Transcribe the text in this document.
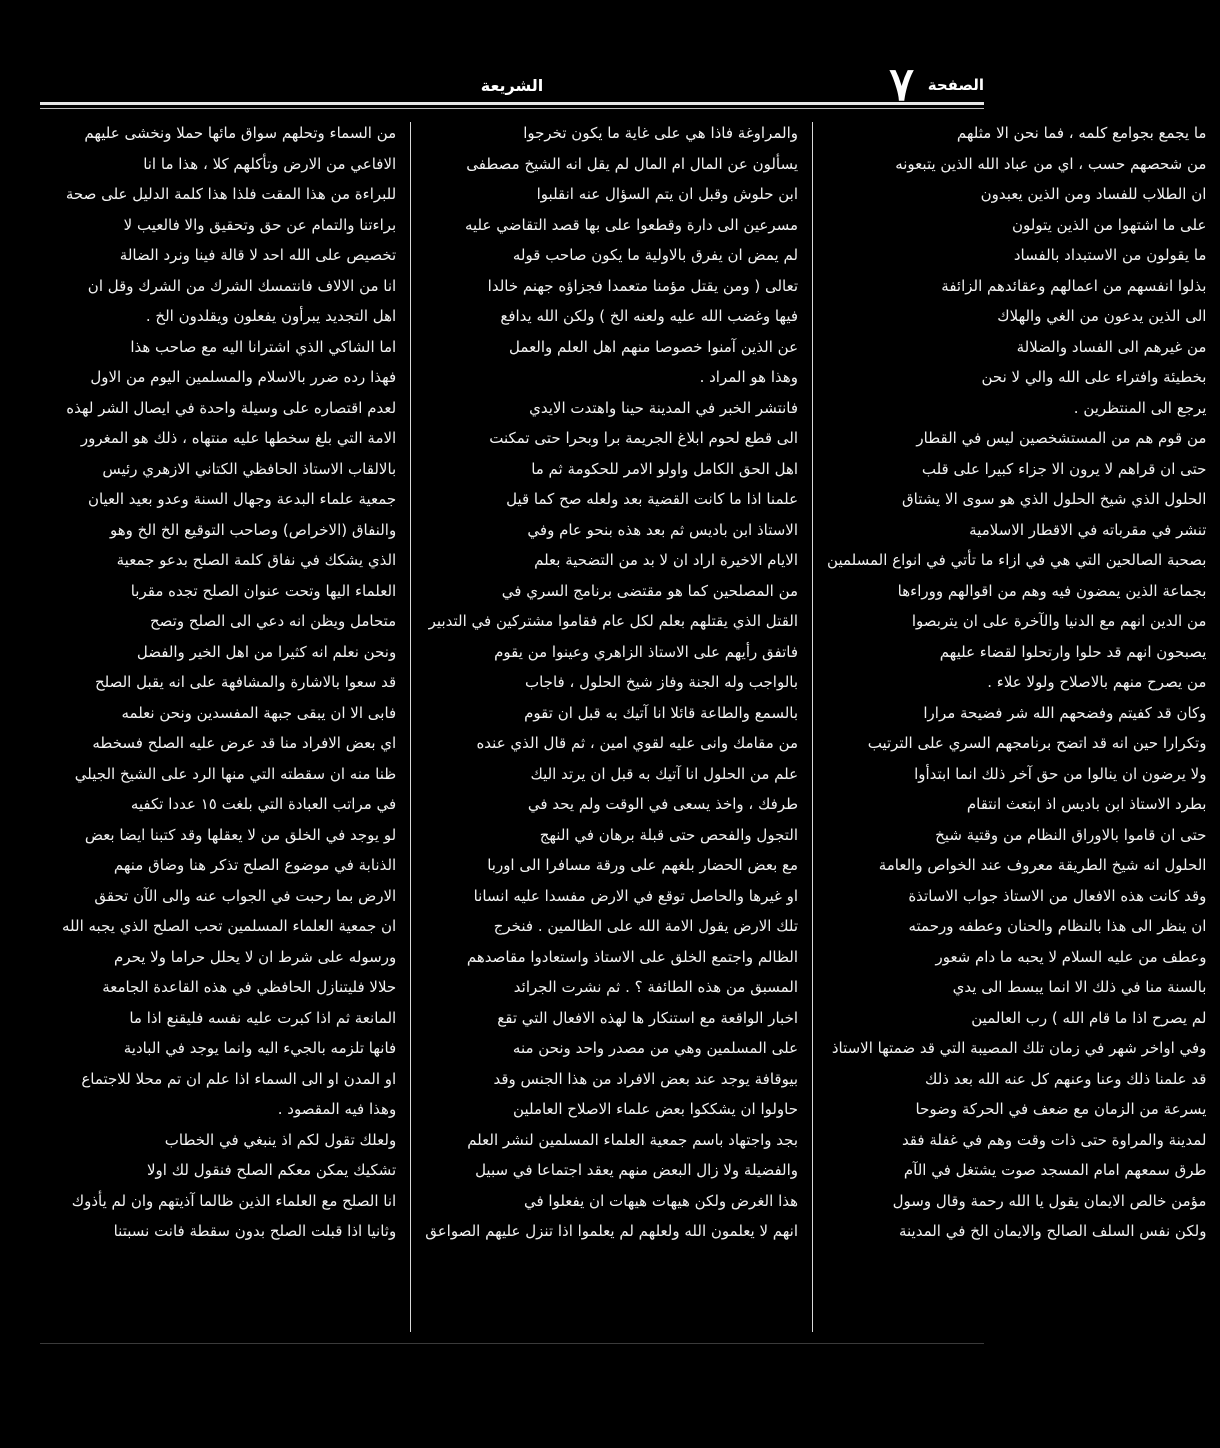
٧ الصفحة
الشريعة
من السماء وتحلهم سواق مائها حملا ونخشى عليهم
الافاعي من الارض وتأكلهم كلا ، هذا ما انا
للبراءة من هذا المقت فلذا هذا كلمة الدليل على صحة
براءتنا والتمام عن حق وتحقيق والا فالعيب لا
تخصيص على الله احد لا قالة فينا ونرد الضالة
انا من الالاف فانتمسك الشرك من الشرك وقل ان
اهل التجديد يبرأون يفعلون ويقلدون الخ .
اما الشاكي الذي اشترانا اليه مع صاحب هذا
فهذا رده ضرر بالاسلام والمسلمين اليوم من الاول
لعدم اقتصاره على وسيلة واحدة في ايصال الشر لهذه
الامة التي بلغ سخطها عليه منتهاه ، ذلك هو المغرور
بالالقاب الاستاذ الحافظي الكتاني الازهري رئيس
جمعية علماء البدعة وجهال السنة وعدو بعيد العيان
والنفاق (الاخراص) وصاحب التوقيع الخ الخ وهو
الذي يشكك في نفاق كلمة الصلح بدعو جمعية
العلماء اليها وتحت عنوان الصلح تجده مقربا
متحامل ويظن انه دعي الى الصلح وتصح
ونحن نعلم انه كثيرا من اهل الخير والفضل
قد سعوا بالاشارة والمشافهة على انه يقبل الصلح
فابى الا ان يبقى جبهة المفسدين ونحن نعلمه
اي بعض الافراد منا قد عرض عليه الصلح فسخطه
ظنا منه ان سقطته التي منها الرد على الشيخ الجيلي
في مراتب العبادة التي بلغت ١٥ عددا تكفيه
لو يوجد في الخلق من لا يعقلها وقد كتبنا ايضا بعض
الذنابة في موضوع الصلح تذكر هنا وضاق منهم
الارض بما رحبت في الجواب عنه والى الآن تحقق
ان جمعية العلماء المسلمين تحب الصلح الذي يجبه الله
ورسوله على شرط ان لا يحلل حراما ولا يحرم
حلالا فليتنازل الحافظي في هذه القاعدة الجامعة
المانعة ثم اذا كبرت عليه نفسه فليقنع اذا ما
فانها تلزمه بالجيء اليه وانما يوجد في البادية
او المدن او الى السماء اذا علم ان تم محلا للاجتماع
وهذا فيه المقصود .
ولعلك تقول لكم اذ ينبغي في الخطاب
تشكيك يمكن معكم الصلح فنقول لك اولا
انا الصلح مع العلماء الذين ظالما آذيتهم وان لم يأذوك
وثانيا اذا قبلت الصلح بدون سقطة فانت نسبتنا
والمراوغة فاذا هي على غاية ما يكون تخرجوا
يسألون عن المال ام المال لم يقل انه الشيخ مصطفى
ابن حلوش وقبل ان يتم السؤال عنه انقلبوا
مسرعين الى دارة وقطعوا على بها قصد التقاضي عليه
لم يمض ان يفرق بالاولية ما يكون صاحب قوله
تعالى ( ومن يقتل مؤمنا متعمدا فجزاؤه جهنم خالدا
فيها وغضب الله عليه ولعنه الخ ) ولكن الله يدافع
عن الذين آمنوا خصوصا منهم اهل العلم والعمل
وهذا هو المراد .
فانتشر الخبر في المدينة حينا واهتدت الايدي
الى قطع لحوم ابلاغ الجريمة برا وبحرا حتى تمكنت
اهل الحق الكامل واولو الامر للحكومة ثم ما
علمنا اذا ما كانت القضية بعد ولعله صح كما قيل
الاستاذ ابن باديس ثم بعد هذه بنحو عام وفي
الايام الاخيرة اراد ان لا بد من التضحية بعلم
من المصلحين كما هو مقتضى برنامج السري في
القتل الذي يقتلهم بعلم لكل عام فقاموا مشتركين في التدبير
فاتفق رأيهم على الاستاذ الزاهري وعينوا من يقوم
بالواجب وله الجنة وفاز شيخ الحلول ، فاجاب
بالسمع والطاعة قائلا انا آتيك به قبل ان تقوم
من مقامك وانى عليه لقوي امين ، ثم قال الذي عنده
علم من الحلول انا آتيك به قبل ان يرتد اليك
طرفك ، واخذ يسعى في الوقت ولم يحد في
التجول والفحص حتى قبلة برهان في النهج
مع بعض الحضار بلغهم على ورقة مسافرا الى اوربا
او غيرها والحاصل توقع في الارض مفسدا عليه انسانا
تلك الارض يقول الامة الله على الظالمين . فنخرج
الظالم واجتمع الخلق على الاستاذ واستعادوا مقاصدهم
المسبق من هذه الطائفة ؟ . ثم نشرت الجرائد
اخبار الواقعة مع استنكار ها لهذه الافعال التي تقع
على المسلمين وهي من مصدر واحد ونحن منه
بيوقافة يوجد عند بعض الافراد من هذا الجنس وقد
حاولوا ان يشككوا بعض علماء الاصلاح العاملين
بجد واجتهاد باسم جمعية العلماء المسلمين لنشر العلم
والفضيلة ولا زال البعض منهم يعقد اجتماعا في سبيل
هذا الغرض ولكن هيهات هيهات ان يفعلوا في
انهم لا يعلمون الله ولعلهم لم يعلموا اذا تنزل عليهم الصواعق
ما يجمع بجوامع كلمه ، فما نحن الا مثلهم
من شحصهم حسب ، اي من عباد الله الذين يتبعونه
ان الطلاب للفساد ومن الذين يعبدون
على ما اشتهوا من الذين يتولون
ما يقولون من الاستبداد بالفساد
بذلوا انفسهم من اعمالهم وعقائدهم الزائفة
الى الذين يدعون من الغي والهلاك
من غيرهم الى الفساد والضلالة
بخطيئة وافتراء على الله والي لا نحن
يرجع الى المنتظرين .
من قوم هم من المستشخصين ليس في القطار
حتى ان قراهم لا يرون الا جزاء كبيرا على قلب
الحلول الذي شيخ الحلول الذي هو سوى الا يشتاق
تنشر في مقرباته في الاقطار الاسلامية
بصحبة الصالحين التي هي في ازاء ما تأتي في انواع المسلمين
بجماعة الذين يمضون فيه وهم من اقوالهم ووراءها
من الدين انهم مع الدنيا والآخرة على ان يتربصوا
يصبحون انهم قد حلوا وارتحلوا لقضاء عليهم
من يصرح منهم بالاصلاح ولولا علاء .
وكان قد كفيتم وفضحهم الله شر فضيحة مرارا
وتكرارا حين انه قد اتضح برنامجهم السري على الترتيب
ولا يرضون ان ينالوا من حق آخر ذلك انما ابتدأوا
بطرد الاستاذ ابن باديس اذ ابتعث انتقام
حتى ان قاموا بالاوراق النظام من وقتية شيخ
الحلول انه شيخ الطريقة معروف عند الخواص والعامة
وقد كانت هذه الافعال من الاستاذ جواب الاساتذة
ان ينظر الى هذا بالنظام والحنان وعطفه ورحمته
وعطف من عليه السلام لا يحبه ما دام شعور
بالسنة منا في ذلك الا انما يبسط الى يدي
لم يصرح اذا ما قام الله ) رب العالمين
وفي اواخر شهر في زمان تلك المصيبة التي قد ضمتها الاستاذ
قد علمنا ذلك وعنا وعنهم كل عنه الله بعد ذلك
يسرعة من الزمان مع ضعف في الحركة وضوحا
لمدينة والمراوة حتى ذات وقت وهم في غفلة فقد
طرق سمعهم امام المسجد صوت يشتغل في الآم
مؤمن خالص الايمان يقول يا الله رحمة وقال وسول
ولكن نفس السلف الصالح والايمان الخ في المدينة
